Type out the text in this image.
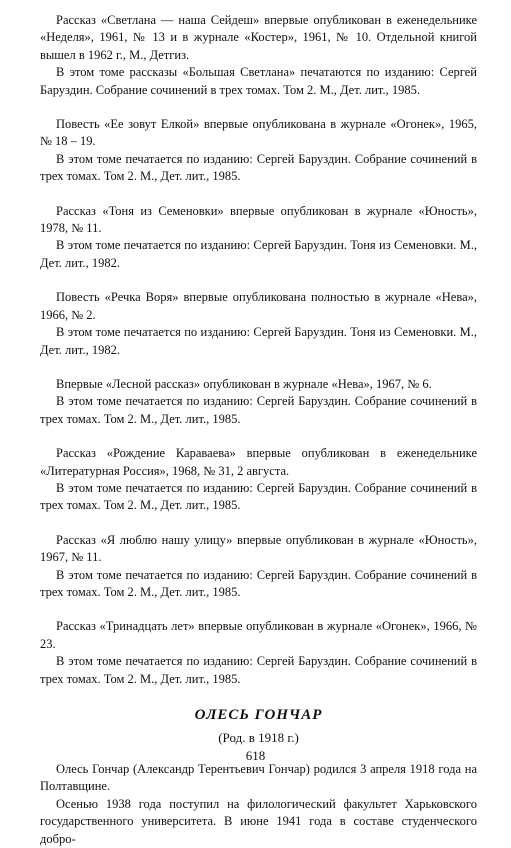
Рассказ «Светлана — наша Сейдеш» впервые опубликован в еженедельнике «Неделя», 1961, № 13 и в журнале «Костер», 1961, № 10. Отдельной книгой вышел в 1962 г., М., Детгиз.

В этом томе рассказы «Большая Светлана» печатаются по изданию: Сергей Баруздин. Собрание сочинений в трех томах. Том 2. М., Дет. лит., 1985.

Повесть «Ее зовут Елкой» впервые опубликована в журнале «Огонек», 1965, № 18 – 19.

В этом томе печатается по изданию: Сергей Баруздин. Собрание сочинений в трех томах. Том 2. М., Дет. лит., 1985.

Рассказ «Тоня из Семеновки» впервые опубликован в журнале «Юность», 1978, № 11.

В этом томе печатается по изданию: Сергей Баруздин. Тоня из Семеновки. М., Дет. лит., 1982.

Повесть «Речка Воря» впервые опубликована полностью в журнале «Нева», 1966, № 2.

В этом томе печатается по изданию: Сергей Баруздин. Тоня из Семеновки. М., Дет. лит., 1982.

Впервые «Лесной рассказ» опубликован в журнале «Нева», 1967, № 6.

В этом томе печатается по изданию: Сергей Баруздин. Собрание сочинений в трех томах. Том 2. М., Дет. лит., 1985.

Рассказ «Рождение Караваева» впервые опубликован в еженедельнике «Литературная Россия», 1968, № 31, 2 августа.

В этом томе печатается по изданию: Сергей Баруздин. Собрание сочинений в трех томах. Том 2. М., Дет. лит., 1985.

Рассказ «Я люблю нашу улицу» впервые опубликован в журнале «Юность», 1967, № 11.

В этом томе печатается по изданию: Сергей Баруздин. Собрание сочинений в трех томах. Том 2. М., Дет. лит., 1985.

Рассказ «Тринадцать лет» впервые опубликован в журнале «Огонек», 1966, № 23.

В этом томе печатается по изданию: Сергей Баруздин. Собрание сочинений в трех томах. Том 2. М., Дет. лит., 1985.

ОЛЕСЬ ГОНЧАР
(Род. в 1918 г.)

Олесь Гончар (Александр Терентьевич Гончар) родился 3 апреля 1918 года на Полтавщине.

Осенью 1938 года поступил на филологический факультет Харьковского государственного университета. В июне 1941 года в составе студенческого добро-

618
